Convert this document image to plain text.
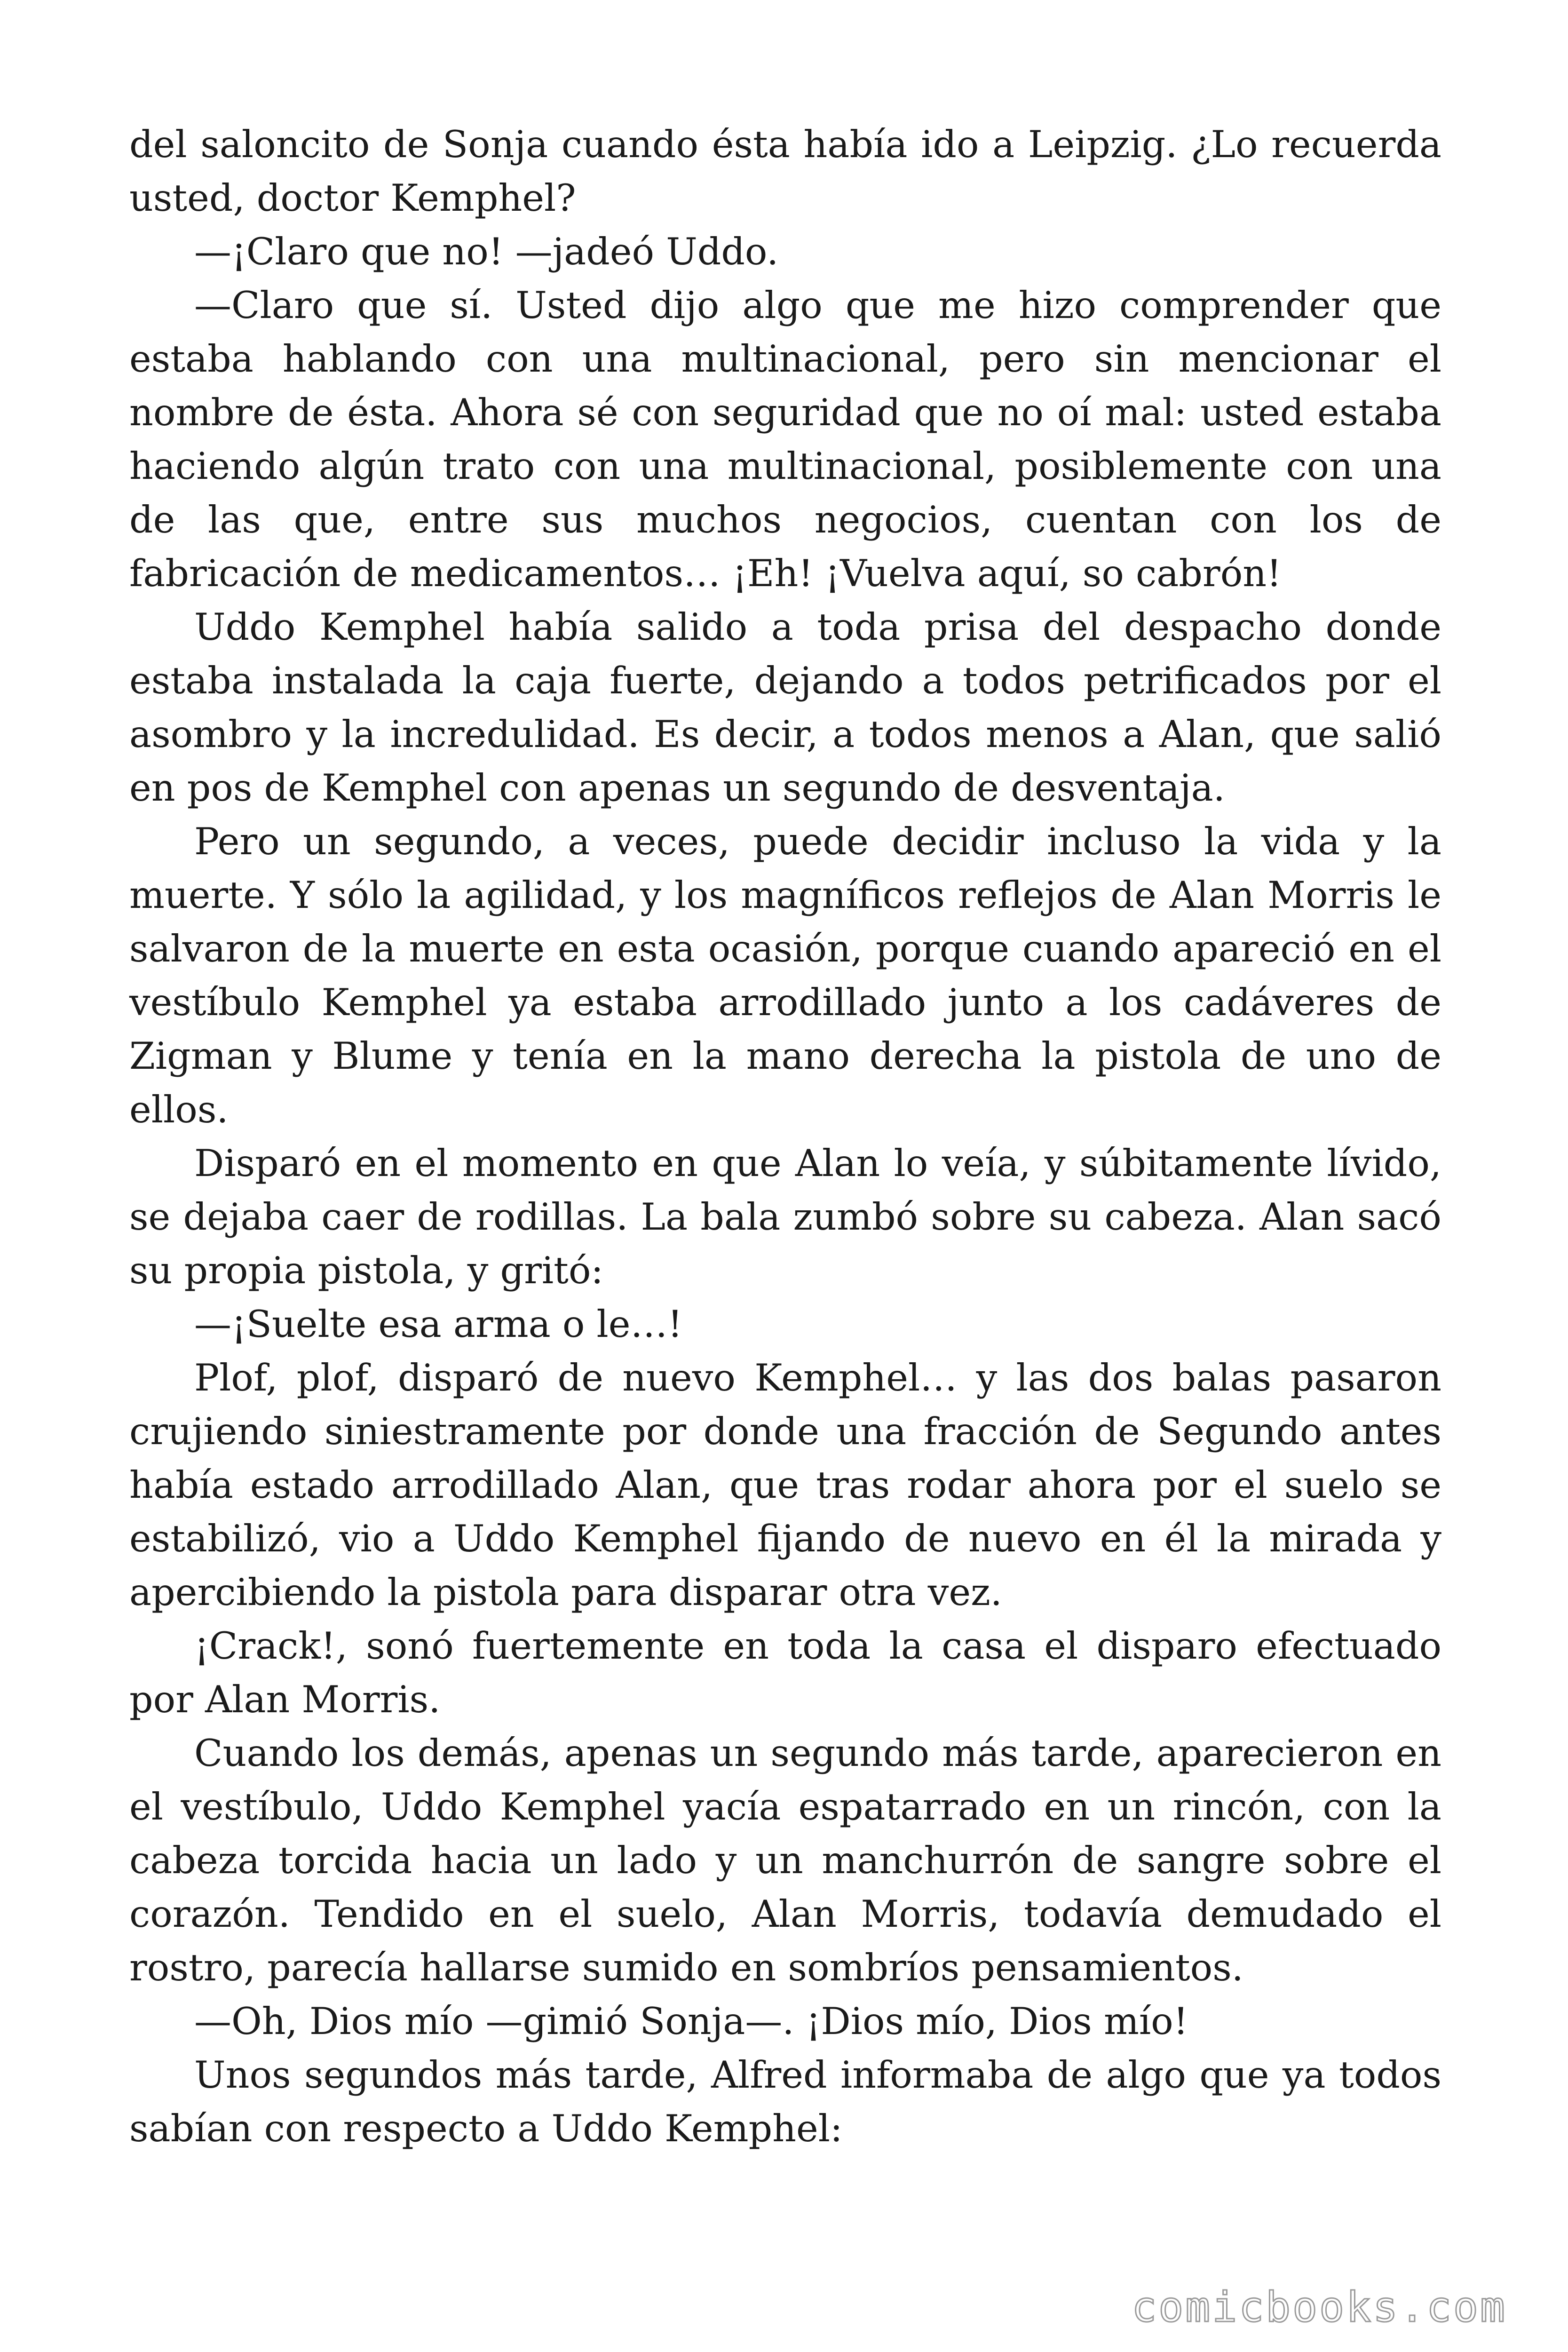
del saloncito de Sonja cuando ésta había ido a Leipzig. ¿Lo recuerda usted, doctor Kemphel?

—¡Claro que no! —jadeó Uddo.

—Claro que sí. Usted dijo algo que me hizo comprender que estaba hablando con una multinacional, pero sin mencionar el nombre de ésta. Ahora sé con seguridad que no oí mal: usted estaba haciendo algún trato con una multinacional, posiblemente con una de las que, entre sus muchos negocios, cuentan con los de fabricación de medicamentos… ¡Eh! ¡Vuelva aquí, so cabrón!

Uddo Kemphel había salido a toda prisa del despacho donde estaba instalada la caja fuerte, dejando a todos petrificados por el asombro y la incredulidad. Es decir, a todos menos a Alan, que salió en pos de Kemphel con apenas un segundo de desventaja.

Pero un segundo, a veces, puede decidir incluso la vida y la muerte. Y sólo la agilidad, y los magníficos reflejos de Alan Morris le salvaron de la muerte en esta ocasión, porque cuando apareció en el vestíbulo Kemphel ya estaba arrodillado junto a los cadáveres de Zigman y Blume y tenía en la mano derecha la pistola de uno de ellos.

Disparó en el momento en que Alan lo veía, y súbitamente lívido, se dejaba caer de rodillas. La bala zumbó sobre su cabeza. Alan sacó su propia pistola, y gritó:

—¡Suelte esa arma o le…!

Plof, plof, disparó de nuevo Kemphel… y las dos balas pasaron crujiendo siniestramente por donde una fracción de Segundo antes había estado arrodillado Alan, que tras rodar ahora por el suelo se estabilizó, vio a Uddo Kemphel fijando de nuevo en él la mirada y apercibiendo la pistola para disparar otra vez.

¡Crack!, sonó fuertemente en toda la casa el disparo efectuado por Alan Morris.

Cuando los demás, apenas un segundo más tarde, aparecieron en el vestíbulo, Uddo Kemphel yacía espatarrado en un rincón, con la cabeza torcida hacia un lado y un manchurrón de sangre sobre el corazón. Tendido en el suelo, Alan Morris, todavía demudado el rostro, parecía hallarse sumido en sombríos pensamientos.

—Oh, Dios mío —gimió Sonja—. ¡Dios mío, Dios mío!

Unos segundos más tarde, Alfred informaba de algo que ya todos sabían con respecto a Uddo Kemphel:

comicbooks.com
